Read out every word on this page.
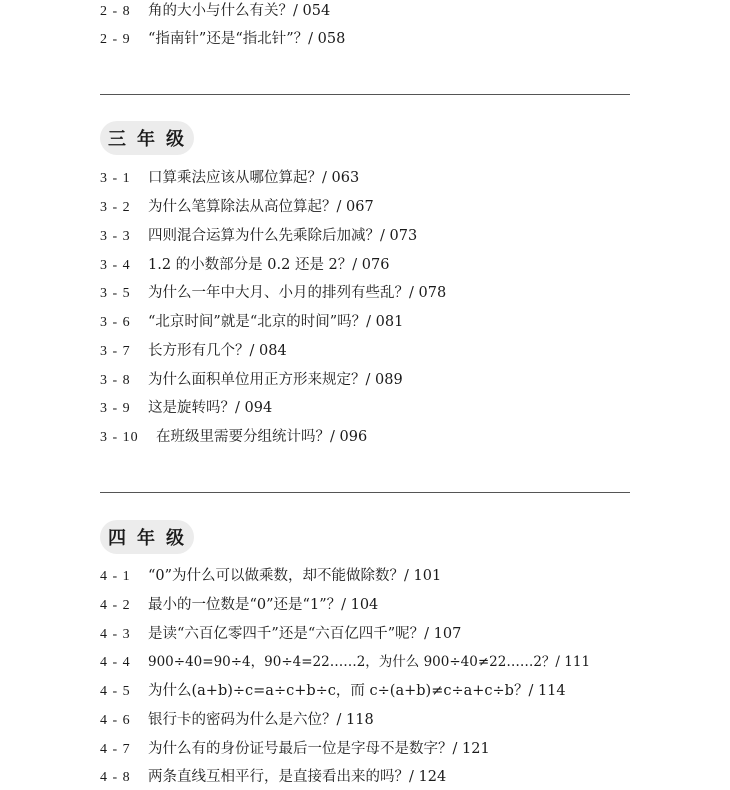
2 - 8 角的大小与什么有关？/ 054
2 - 9 “指南针”还是“指北针”？/ 058
三年级
3 - 1 口算乘法应该从哪位算起？/ 063
3 - 2 为什么笔算除法从高位算起？/ 067
3 - 3 四则混合运算为什么先乘除后加减？/ 073
3 - 4 1.2 的小数部分是 0.2 还是 2？/ 076
3 - 5 为什么一年中大月、小月的排列有些乱？/ 078
3 - 6 “北京时间”就是“北京的时间”吗？/ 081
3 - 7 长方形有几个？/ 084
3 - 8 为什么面积单位用正方形来规定？/ 089
3 - 9 这是旋转吗？/ 094
3 - 10 在班级里需要分组统计吗？/ 096
四年级
4 - 1 “0”为什么可以做乘数，却不能做除数？/ 101
4 - 2 最小的一位数是“0”还是“1”？/ 104
4 - 3 是读“六百亿零四千”还是“六百亿四千”呢？/ 107
4 - 4 900÷40=90÷4，90÷4=22……2，为什么 900÷40≠22……2？/ 111
4 - 5 为什么(a+b)÷c=a÷c+b÷c，而 c÷(a+b)≠c÷a+c÷b？/ 114
4 - 6 银行卡的密码为什么是六位？/ 118
4 - 7 为什么有的身份证号最后一位是字母不是数字？/ 121
4 - 8 两条直线互相平行，是直接看出来的吗？/ 124
